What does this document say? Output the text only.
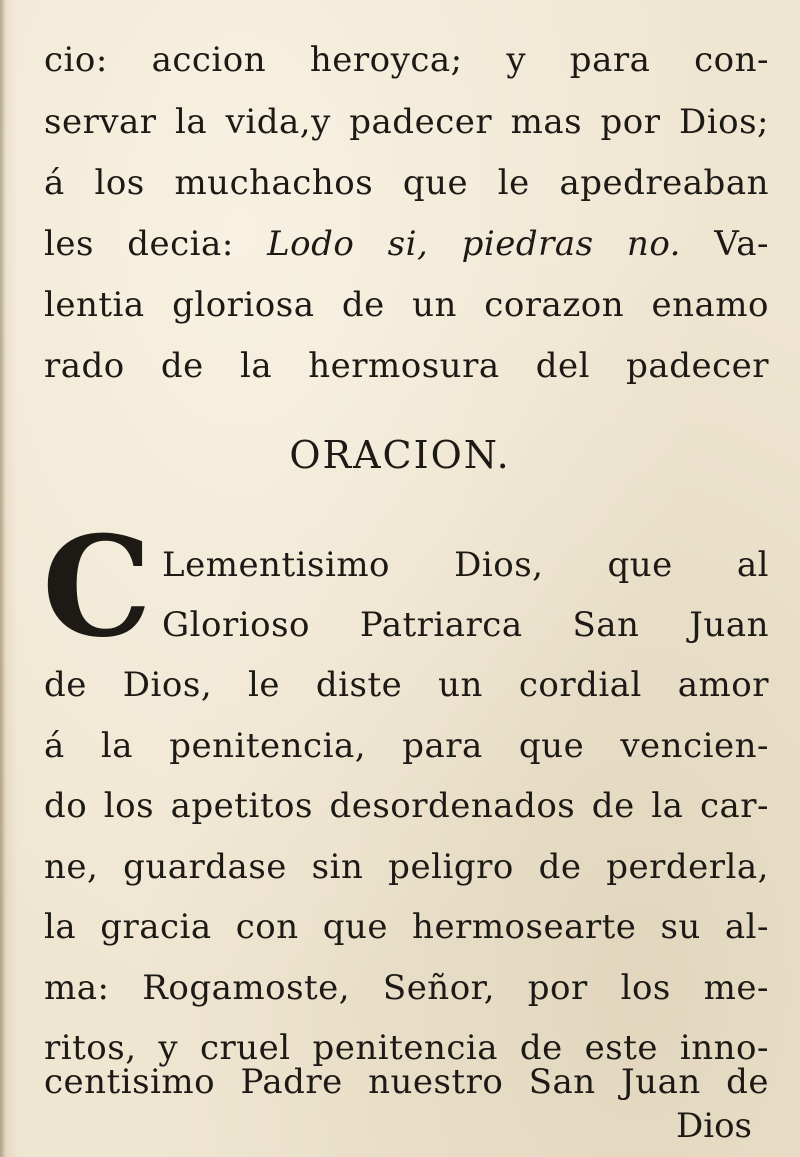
cio: accion heroyca; y para con-
servar la vida,y padecer mas por Dios;
á los muchachos que le apedreaban
les decia: Lodo si, piedras no. Va-
lentia gloriosa de un corazon enamo
rado de la hermosura del padecer
ORACION.
C Lementisimo Dios, que al
Glorioso Patriarca San Juan
de Dios, le diste un cordial amor
á la penitencia, para que vencien-
do los apetitos desordenados de la car-
ne, guardase sin peligro de perderla,
la gracia con que hermosearte su al-
ma: Rogamoste, Señor, por los me-
ritos, y cruel penitencia de este inno-
centisimo Padre nuestro San Juan de
Dios
